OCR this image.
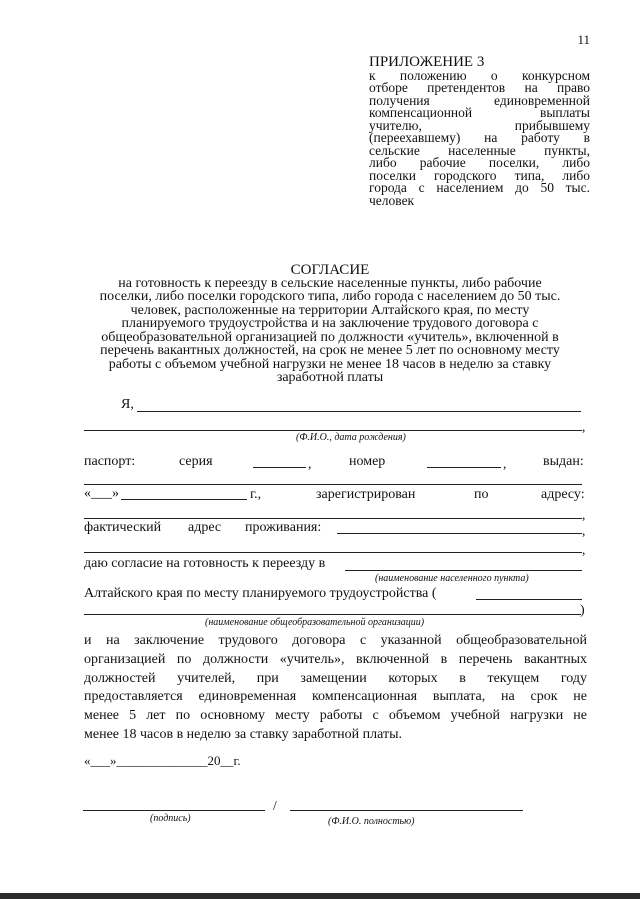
11
ПРИЛОЖЕНИЕ 3
к положению о конкурсном
отборе претендентов на право
получения единовременной
компенсационной выплаты
учителю, прибывшему
(переехавшему) на работу в
сельские населенные пункты,
либо рабочие поселки, либо
поселки городского типа, либо
города с населением до 50 тыс.
человек
СОГЛАСИЕ
на готовность к переезду в сельские населенные пункты, либо рабочие
поселки, либо поселки городского типа, либо города с населением до 50 тыс.
человек, расположенные на территории Алтайского края, по месту
планируемого трудоустройства и на заключение трудового договора с
общеобразовательной организацией по должности «учитель», включенной в
перечень вакантных должностей, на срок не менее 5 лет по основному месту
работы с объемом учебной нагрузки не менее 18 часов в неделю за ставку
заработной платы
Я,
,
(Ф.И.О., дата рождения)
паспорт:	серия	,	номер	,	выдан:
«___»	г.,	зарегистрирован	по	адресу:
,
фактический адрес проживания:	,
,
даю согласие на готовность к переезду в
(наименование населенного пункта)
Алтайского края по месту планируемого трудоустройства (
)
(наименование общеобразовательной организации)
и на заключение трудового договора с указанной общеобразовательной
организацией по должности «учитель», включенной в перечень вакантных
должностей учителей, при замещении которых в текущем году
предоставляется единовременная компенсационная выплата, на срок не
менее 5 лет по основному месту работы с объемом учебной нагрузки не
менее 18 часов в неделю за ставку заработной платы.
«___»______________20__г.
/
(подпись)	(Ф.И.О. полностью)
